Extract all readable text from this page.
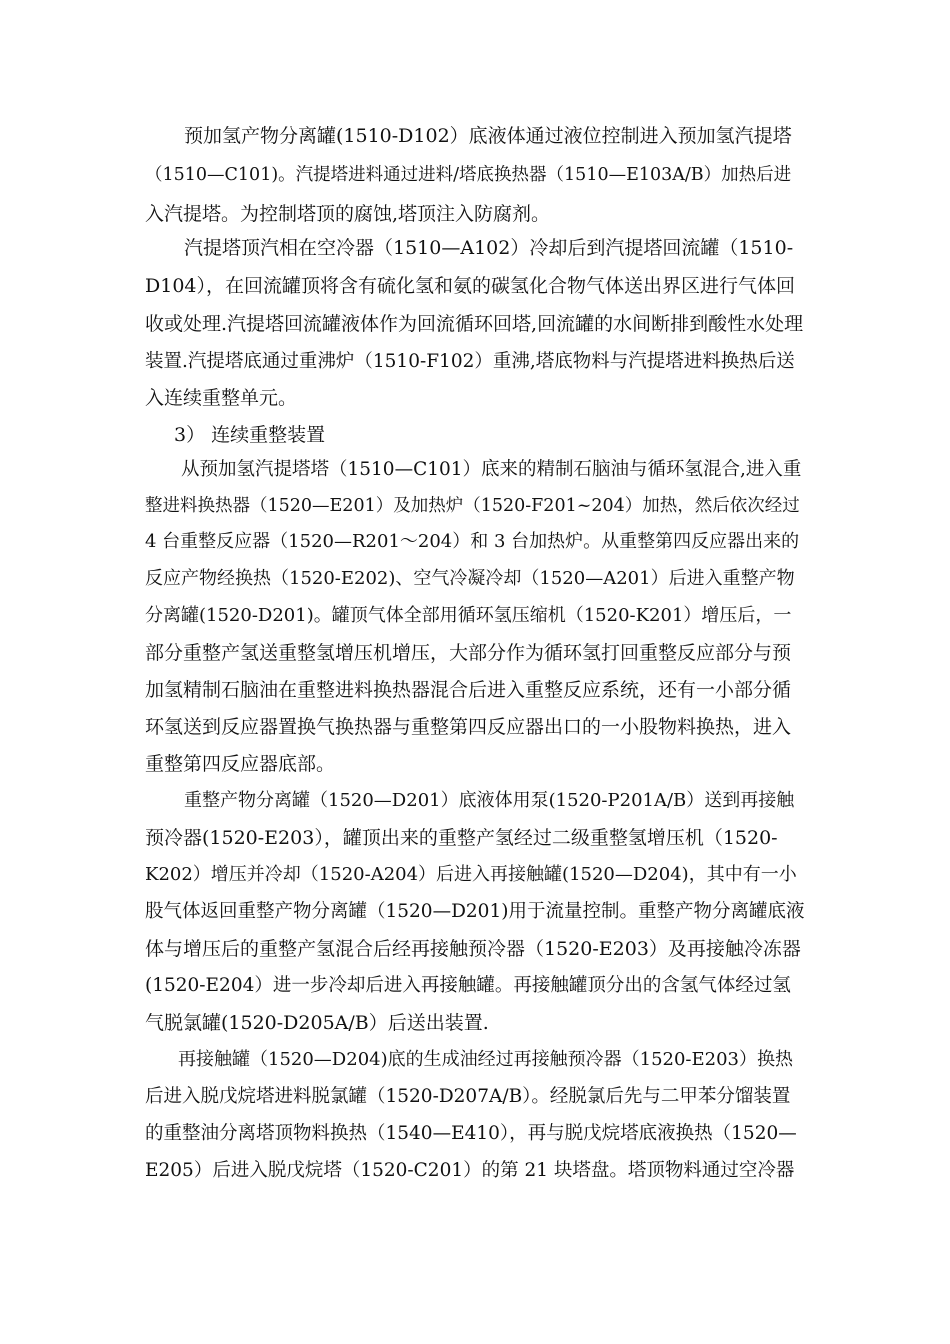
预加氢产物分离罐(1510-D102）底液体通过液位控制进入预加氢汽提塔
（1510—C101)。汽提塔进料通过进料/塔底换热器（1510—E103A/B）加热后进
入汽提塔。为控制塔顶的腐蚀,塔顶注入防腐剂。
汽提塔顶汽相在空冷器（1510—A102）冷却后到汽提塔回流罐（1510-
D104），在回流罐顶将含有硫化氢和氨的碳氢化合物气体送出界区进行气体回
收或处理.汽提塔回流罐液体作为回流循环回塔,回流罐的水间断排到酸性水处理
装置.汽提塔底通过重沸炉（1510-F102）重沸,塔底物料与汽提塔进料换热后送
入连续重整单元。
3） 连续重整装置
从预加氢汽提塔塔（1510—C101）底来的精制石脑油与循环氢混合,进入重
整进料换热器（1520—E201）及加热炉（1520-F201~204）加热，然后依次经过
4 台重整反应器（1520—R201～204）和 3 台加热炉。从重整第四反应器出来的
反应产物经换热（1520-E202)、空气冷凝冷却（1520—A201）后进入重整产物
分离罐(1520-D201)。罐顶气体全部用循环氢压缩机（1520-K201）增压后，一
部分重整产氢送重整氢增压机增压，大部分作为循环氢打回重整反应部分与预
加氢精制石脑油在重整进料换热器混合后进入重整反应系统，还有一小部分循
环氢送到反应器置换气换热器与重整第四反应器出口的一小股物料换热，进入
重整第四反应器底部。
重整产物分离罐（1520—D201）底液体用泵(1520-P201A/B）送到再接触
预冷器(1520-E203），罐顶出来的重整产氢经过二级重整氢增压机（1520-
K202）增压并冷却（1520-A204）后进入再接触罐(1520—D204)，其中有一小
股气体返回重整产物分离罐（1520—D201)用于流量控制。重整产物分离罐底液
体与增压后的重整产氢混合后经再接触预冷器（1520-E203）及再接触冷冻器
(1520-E204）进一步冷却后进入再接触罐。再接触罐顶分出的含氢气体经过氢
气脱氯罐(1520-D205A/B）后送出装置.
再接触罐（1520—D204)底的生成油经过再接触预冷器（1520-E203）换热
后进入脱戊烷塔进料脱氯罐（1520-D207A/B）。经脱氯后先与二甲苯分馏装置
的重整油分离塔顶物料换热（1540—E410），再与脱戊烷塔底液换热（1520—
E205）后进入脱戊烷塔（1520-C201）的第 21 块塔盘。塔顶物料通过空冷器
